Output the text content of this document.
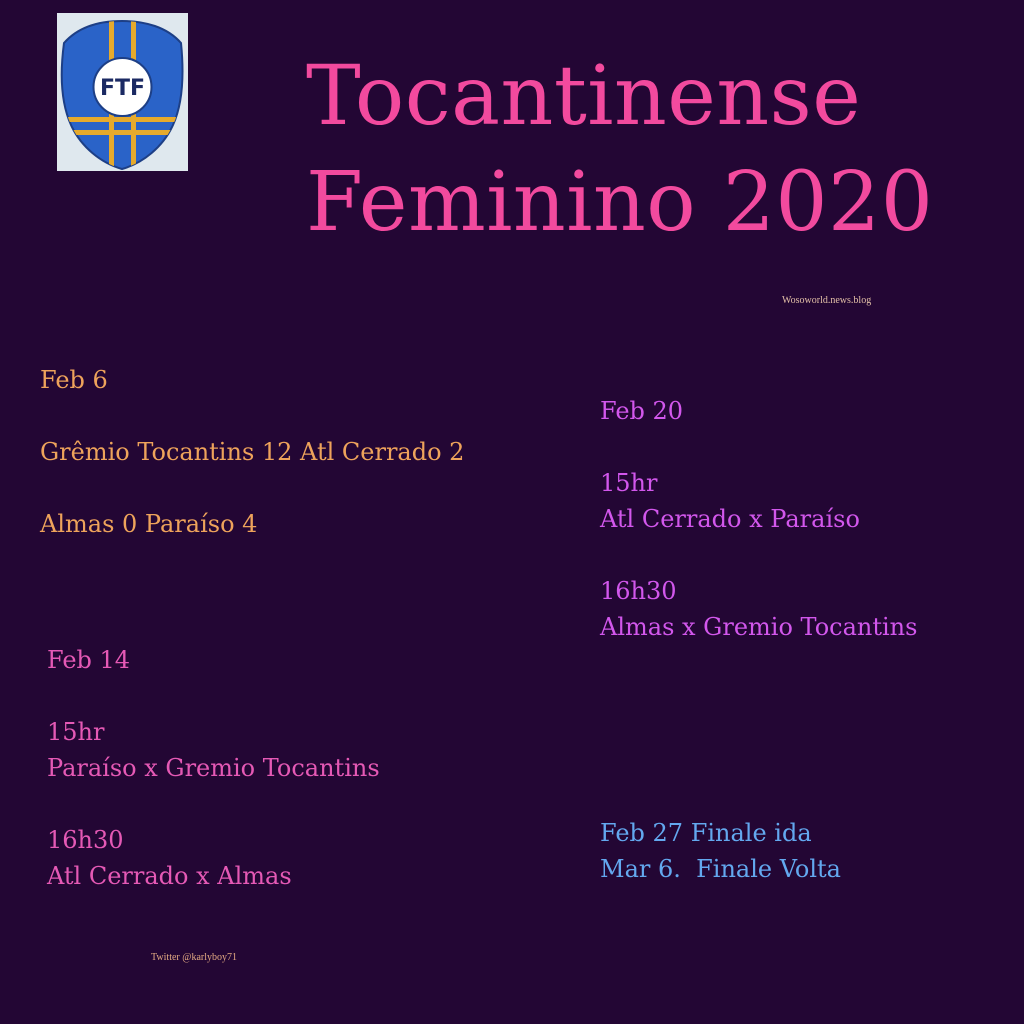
FTF Tocantinense
Feminino 2020
Wosoworld.news.blog
Feb 6
Grêmio Tocantins 12 Atl Cerrado 2
Almas 0 Paraíso 4
Feb 20
15hr
Atl Cerrado x Paraíso
16h30
Almas x Gremio Tocantins
Feb 14
15hr
Paraíso x Gremio Tocantins
16h30
Atl Cerrado x Almas
Feb 27 Finale ida
Mar 6.  Finale Volta
Twitter @karlyboy71
